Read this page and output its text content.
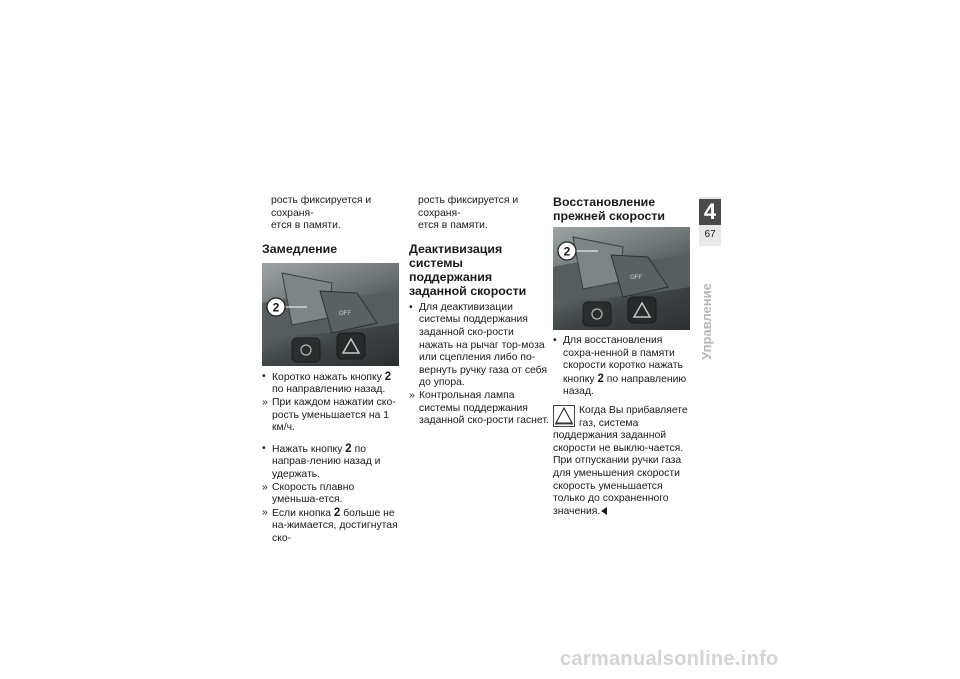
рость фиксируется и сохраня-
ется в памяти.
Замедление
OFF
2
• Коротко нажать кнопку 2 по направлению назад.
» При каждом нажатии ско-рость уменьшается на 1 км/ч.
• Нажать кнопку 2 по направ-лению назад и удержать.
» Скорость плавно уменьша-ется.
» Если кнопка 2 больше не на-жимается, достигнутая ско-
рость фиксируется и сохраня-
ется в памяти.
Деактивизация системы поддержания заданной скорости
• Для деактивизации системы поддержания заданной ско-рости нажать на рычаг тор-моза или сцепления либо по-вернуть ручку газа от себя до упора.
» Контрольная лампа системы поддержания заданной ско-рости гаснет.
Восстановление прежней скорости
OFF
2
• Для восстановления сохра-ненной в памяти скорости коротко нажать кнопку 2 по направлению назад.
Когда Вы прибавляете газ, система поддержания заданной скорости не выклю-чается. При отпускании ручки газа для уменьшения скорости скорость уменьшается только до сохраненного значения.
4
67
Управление
carmanualsonline.info
